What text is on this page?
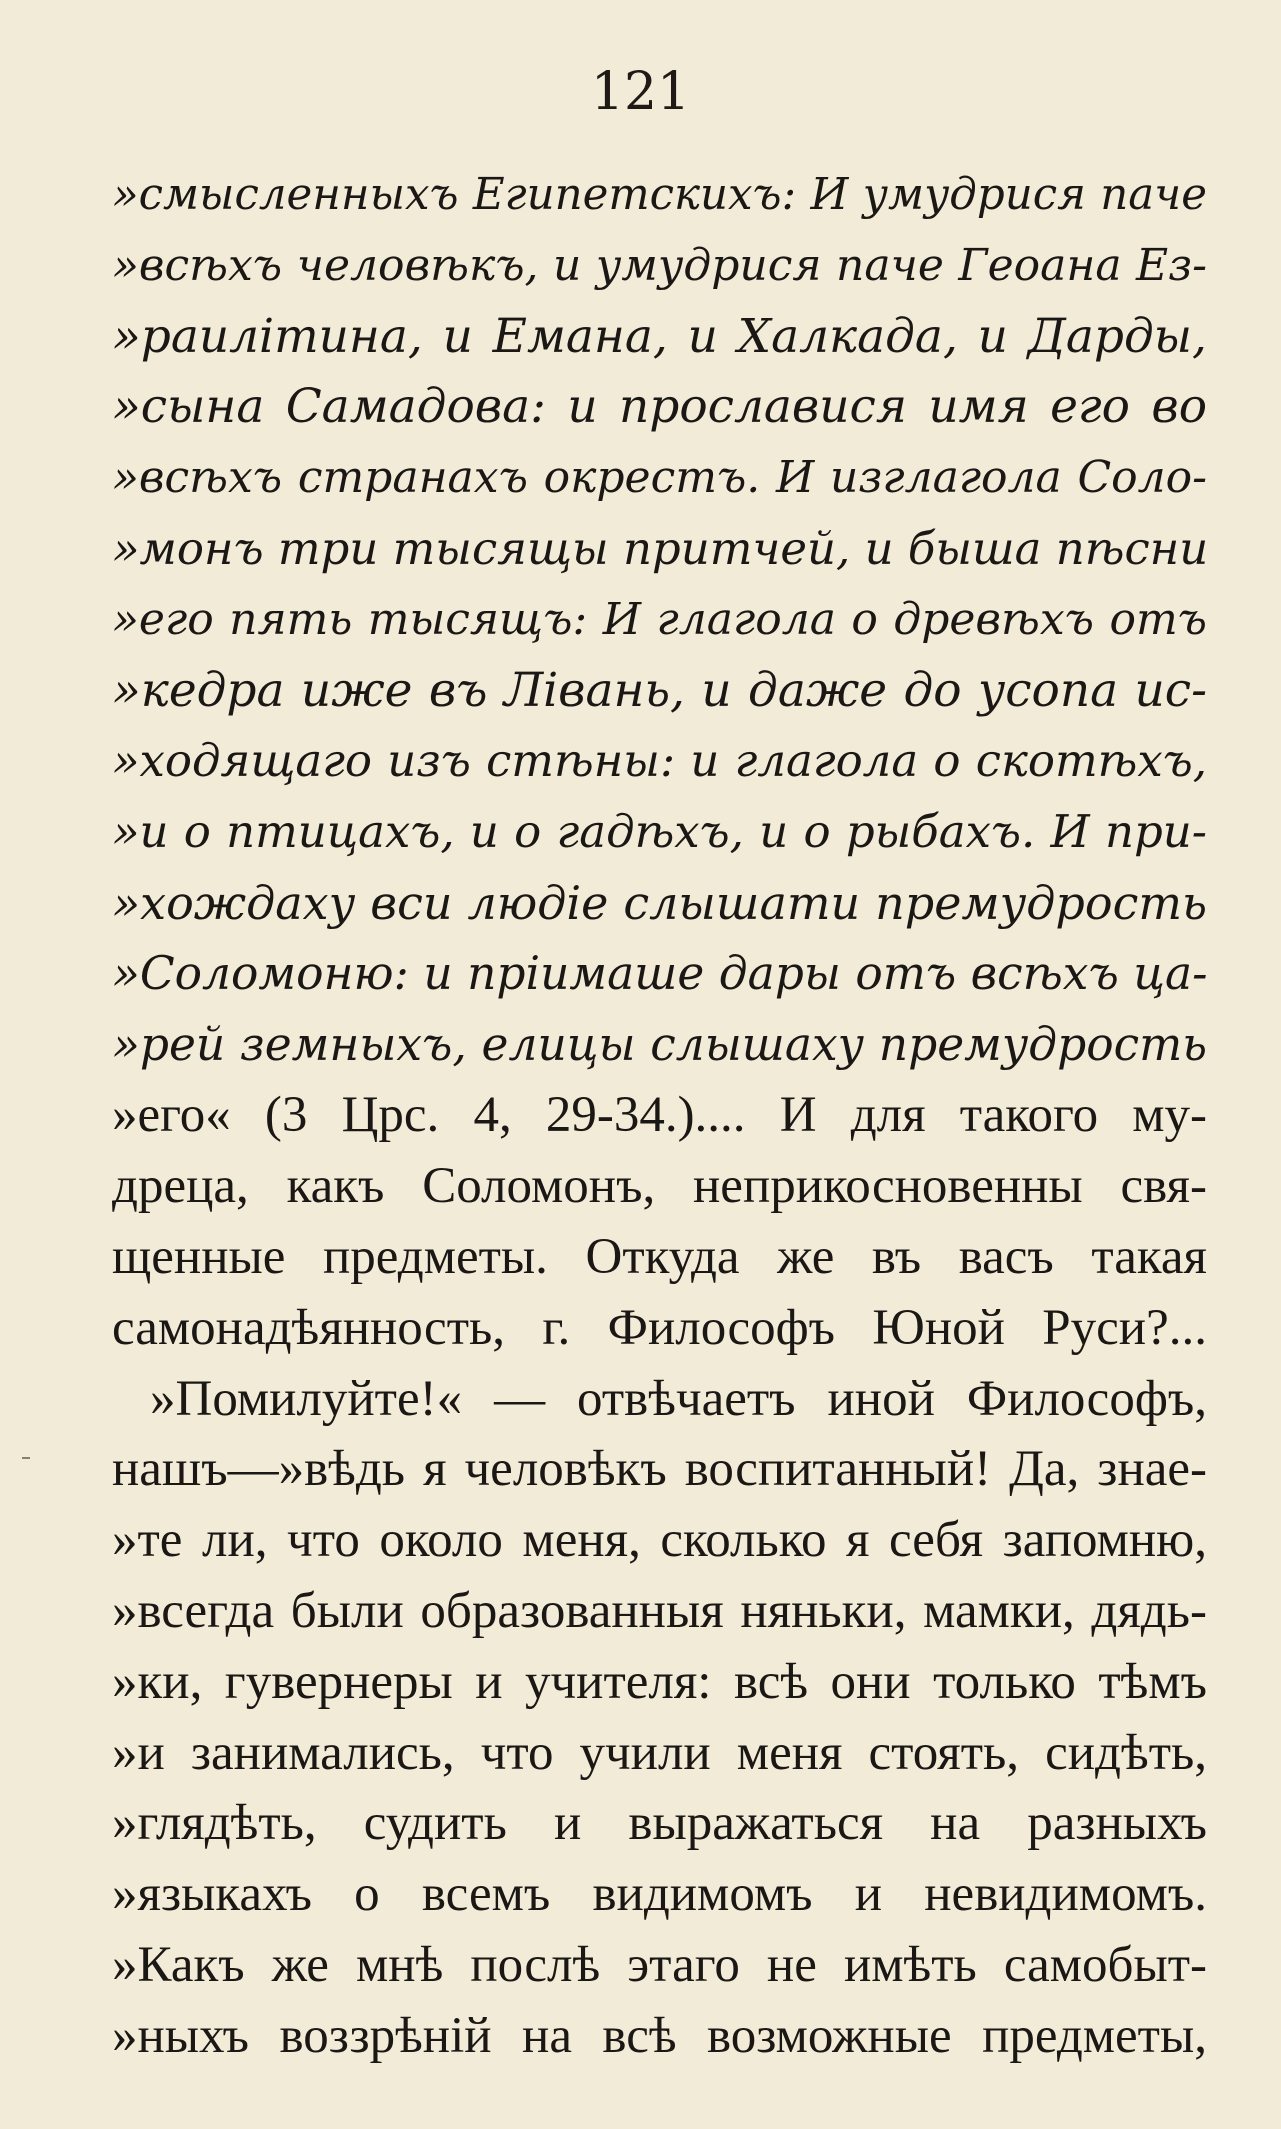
121
»смысленныхъ Египетскихъ: И умудрися паче
»всѣхъ человѣкъ, и умудрися паче Геоана Ез-
»раилітина, и Емана, и Халкада, и Дарды,
»сына Самадова: и прославися имя его во
»всѣхъ странахъ окрестъ. И изглагола Соло-
»монъ три тысящы притчей, и быша пѣсни
»его пять тысящъ: И глагола о древѣхъ отъ
»кедра иже въ Лівань, и даже до усопа ис-
»ходящаго изъ стѣны: и глагола о скотѣхъ,
»и о птицахъ, и о гадѣхъ, и о рыбахъ. И при-
»хождаху вси людіе слышати премудрость
»Соломоню: и пріимаше дары отъ всѣхъ ца-
»рей земныхъ, елицы слышаху премудрость
»его« (3 Црс. 4, 29-34.).... И для такого му-
дреца, какъ Соломонъ, неприкосновенны свя-
щенные предметы. Откуда же въ васъ такая
самонадѣянность, г. Философъ Юной Руси?...
»Помилуйте!« — отвѣчаетъ иной Философъ,
нашъ—»вѣдь я человѣкъ воспитанный! Да, знае-
»те ли, что около меня, сколько я себя запомню,
»всегда были образованныя няньки, мамки, дядь-
»ки, гувернеры и учителя: всѣ они только тѣмъ
»и занимались, что учили меня стоять, сидѣть,
»глядѣть, судить и выражаться на разныхъ
»языкахъ о всемъ видимомъ и невидимомъ.
»Какъ же мнѣ послѣ этаго не имѣть самобыт-
»ныхъ воззрѣній на всѣ возможные предметы,
